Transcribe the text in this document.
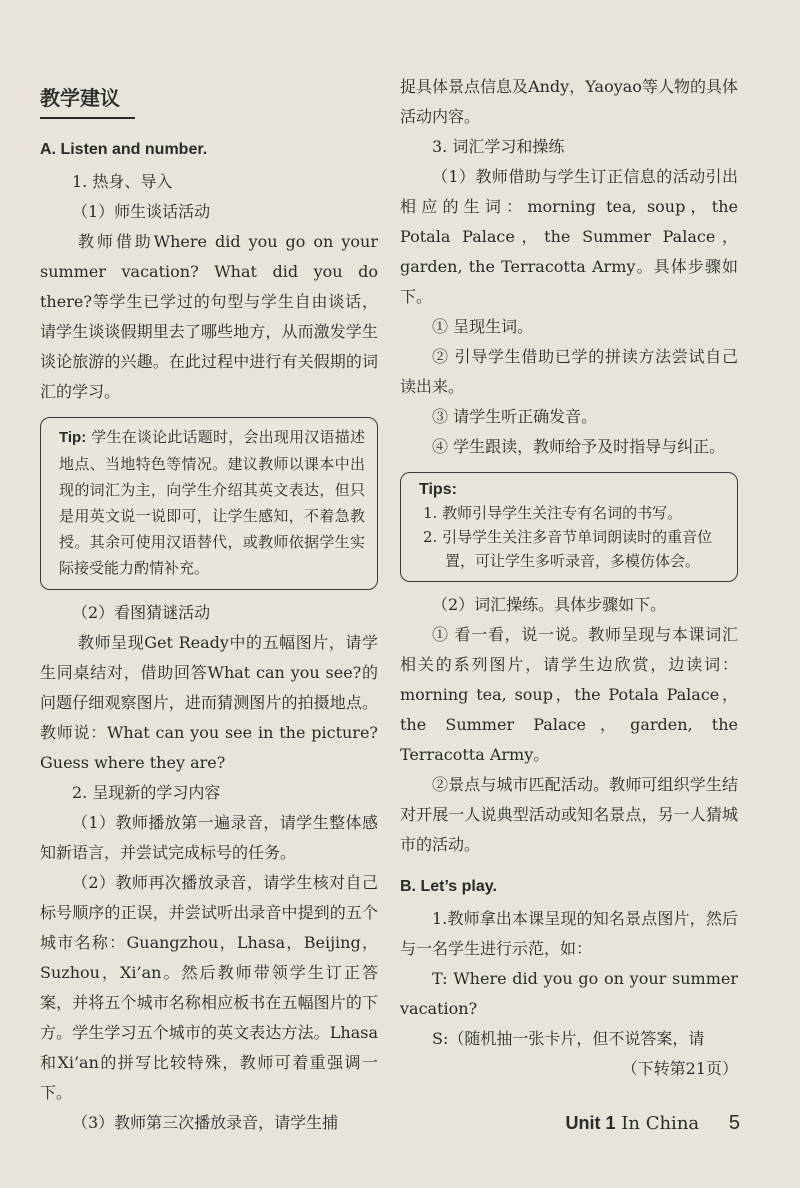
教学建议
A. Listen and number.

1. 热身、导入

（1）师生谈话活动

教师借助Where did you go on your summer vacation? What did you do there?等学生已学过的句型与学生自由谈话，请学生谈谈假期里去了哪些地方，从而激发学生谈论旅游的兴趣。在此过程中进行有关假期的词汇的学习。

Tip: 学生在谈论此话题时，会出现用汉语描述地点、当地特色等情况。建议教师以课本中出现的词汇为主，向学生介绍其英文表达，但只是用英文说一说即可，让学生感知，不着急教授。其余可使用汉语替代，或教师依据学生实际接受能力酌情补充。

（2）看图猜谜活动

教师呈现Get Ready中的五幅图片，请学生同桌结对，借助回答What can you see?的问题仔细观察图片，进而猜测图片的拍摄地点。教师说：What can you see in the picture? Guess where they are?

2. 呈现新的学习内容

（1）教师播放第一遍录音，请学生整体感知新语言，并尝试完成标号的任务。

（2）教师再次播放录音，请学生核对自己标号顺序的正误，并尝试听出录音中提到的五个城市名称：Guangzhou，Lhasa，Beijing，Suzhou，Xi’an。然后教师带领学生订正答案，并将五个城市名称相应板书在五幅图片的下方。学生学习五个城市的英文表达方法。Lhasa和Xi’an的拼写比较特殊，教师可着重强调一下。

（3）教师第三次播放录音，请学生捕

捉具体景点信息及Andy，Yaoyao等人物的具体活动内容。

3. 词汇学习和操练

（1）教师借助与学生订正信息的活动引出相应的生词：morning tea, soup，the Potala Palace，the Summer Palace，garden, the Terracotta Army。具体步骤如下。

① 呈现生词。

② 引导学生借助已学的拼读方法尝试自己读出来。

③ 请学生听正确发音。

④ 学生跟读，教师给予及时指导与纠正。

Tips:

1. 教师引导学生关注专有名词的书写。

2. 引导学生关注多音节单词朗读时的重音位置，可让学生多听录音，多模仿体会。

（2）词汇操练。具体步骤如下。

① 看一看，说一说。教师呈现与本课词汇相关的系列图片，请学生边欣赏，边读词：morning tea, soup，the Potala Palace，the Summer Palace，garden, the Terracotta Army。

②景点与城市匹配活动。教师可组织学生结对开展一人说典型活动或知名景点，另一人猜城市的活动。

B. Let’s play.

1.教师拿出本课呈现的知名景点图片，然后与一名学生进行示范，如：

T: Where did you go on your summer vacation?

S:（随机抽一张卡片，但不说答案，请

（下转第21页）

Unit 1 In China 5
